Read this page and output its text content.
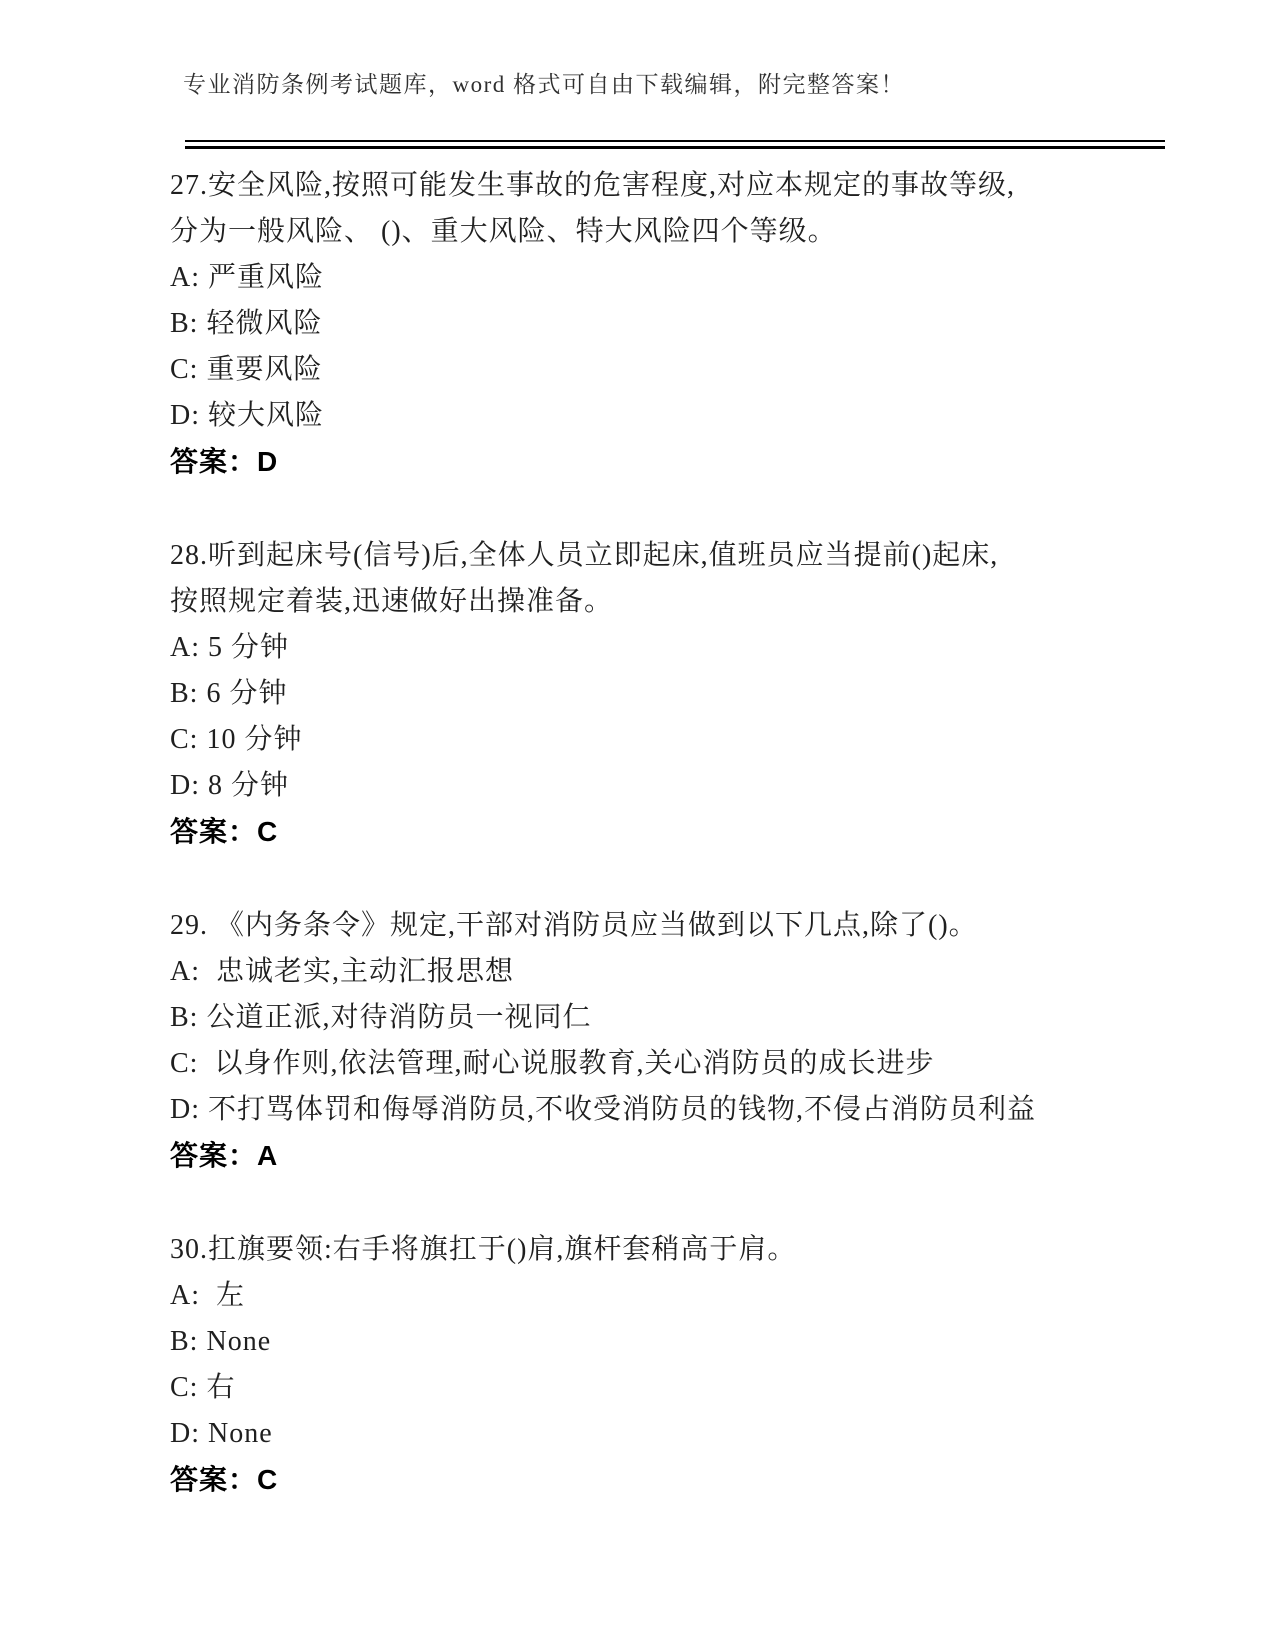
专业消防条例考试题库，word 格式可自由下载编辑，附完整答案！

27.安全风险,按照可能发生事故的危害程度,对应本规定的事故等级,

分为一般风险、 ()、重大风险、特大风险四个等级。

A: 严重风险

B: 轻微风险

C: 重要风险

D: 较大风险

答案：D

28.听到起床号(信号)后,全体人员立即起床,值班员应当提前()起床,

按照规定着装,迅速做好出操准备。

A: 5 分钟

B: 6 分钟

C: 10 分钟

D: 8 分钟

答案：C

29. 《内务条令》规定,干部对消防员应当做到以下几点,除了()。

A:  忠诚老实,主动汇报思想

B: 公道正派,对待消防员一视同仁

C:  以身作则,依法管理,耐心说服教育,关心消防员的成长进步

D: 不打骂体罚和侮辱消防员,不收受消防员的钱物,不侵占消防员利益

答案：A

30.扛旗要领:右手将旗扛于()肩,旗杆套稍高于肩。

A:  左

B: None

C: 右

D: None

答案：C
